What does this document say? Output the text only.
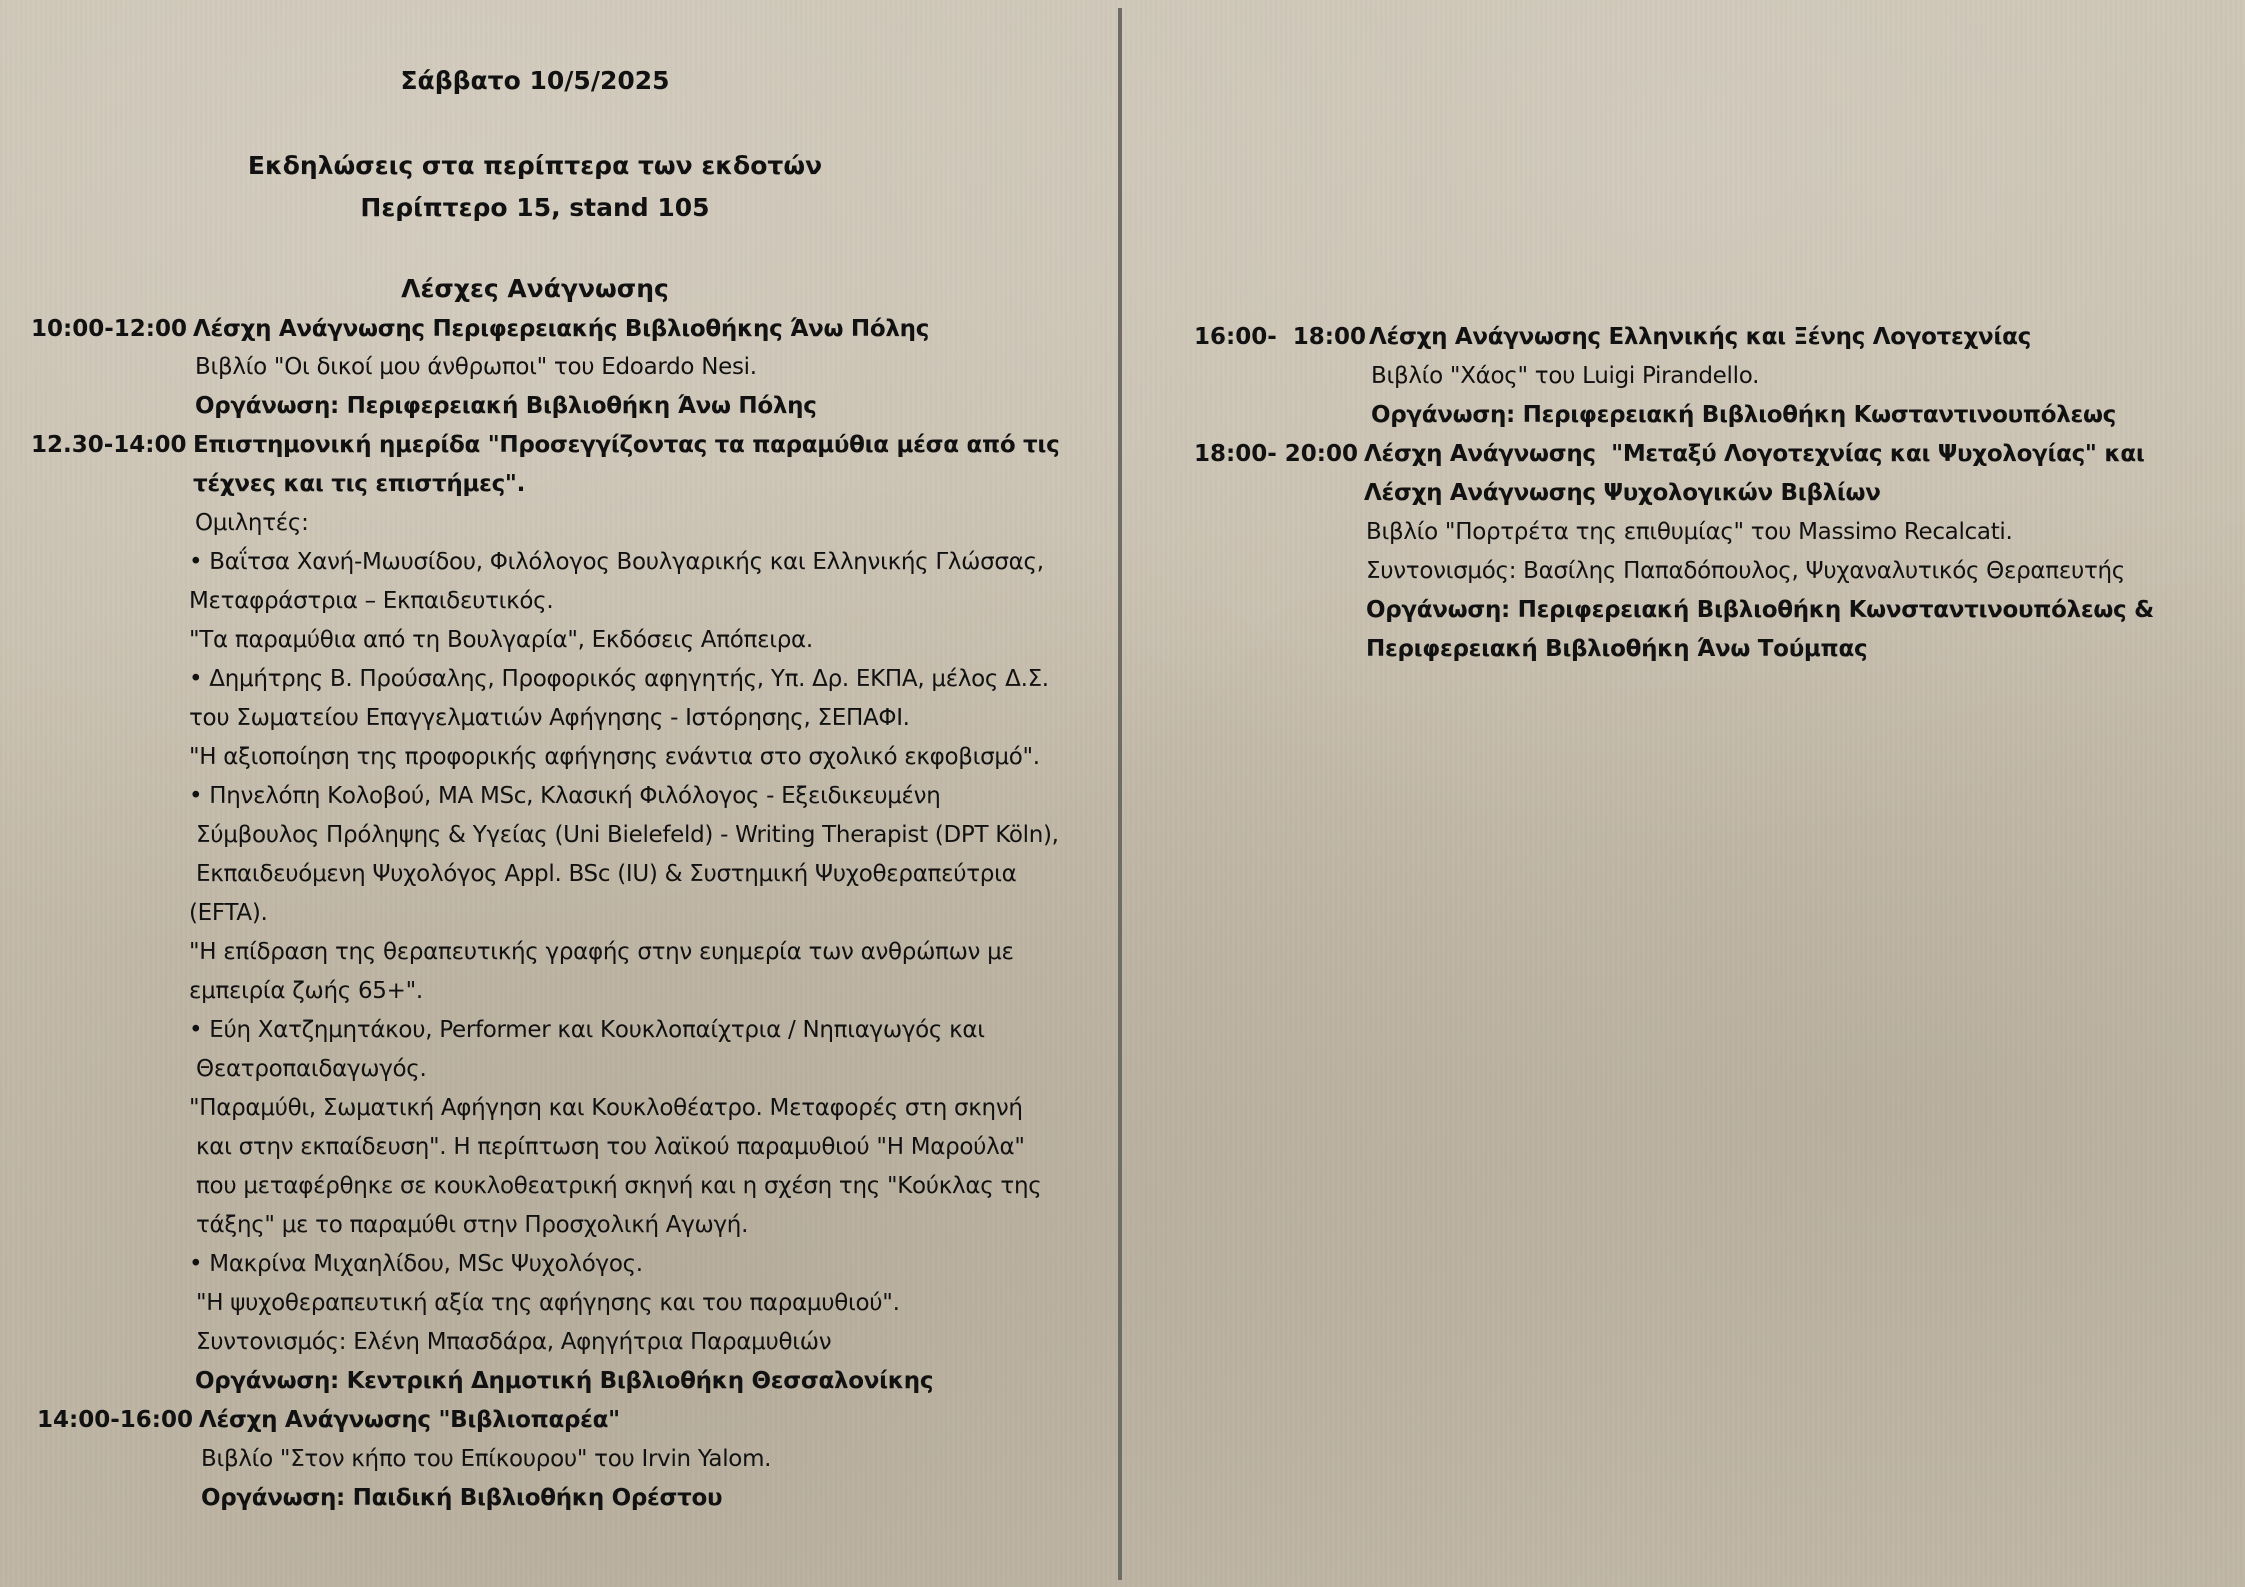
Σάββατο 10/5/2025
Εκδηλώσεις στα περίπτερα των εκδοτών
Περίπτερο 15, stand 105
Λέσχες Ανάγνωσης
10:00-12:00 Λέσχη Ανάγνωσης Περιφερειακής Βιβλιοθήκης Άνω Πόλης
Βιβλίο "Οι δικοί μου άνθρωποι" του Edoardo Nesi.
Οργάνωση: Περιφερειακή Βιβλιοθήκη Άνω Πόλης
12.30-14:00 Επιστημονική ημερίδα "Προσεγγίζοντας τα παραμύθια μέσα από τις
τέχνες και τις επιστήμες".
Ομιλητές:
• Βαΐτσα Χανή-Μωυσίδου, Φιλόλογος Βουλγαρικής και Ελληνικής Γλώσσας,
Μεταφράστρια – Εκπαιδευτικός.
"Τα παραμύθια από τη Βουλγαρία", Εκδόσεις Απόπειρα.
• Δημήτρης Β. Προύσαλης, Προφορικός αφηγητής, Υπ. Δρ. ΕΚΠΑ, μέλος Δ.Σ.
του Σωματείου Επαγγελματιών Αφήγησης - Ιστόρησης, ΣΕΠΑΦΙ.
"Η αξιοποίηση της προφορικής αφήγησης ενάντια στο σχολικό εκφοβισμό".
• Πηνελόπη Κολοβού, MA MSc, Κλασική Φιλόλογος - Εξειδικευμένη
Σύμβουλος Πρόληψης & Υγείας (Uni Bielefeld) - Writing Therapist (DPT Köln),
Εκπαιδευόμενη Ψυχολόγος Appl. BSc (IU) & Συστημική Ψυχοθεραπεύτρια
(EFTA).
"Η επίδραση της θεραπευτικής γραφής στην ευημερία των ανθρώπων με
εμπειρία ζωής 65+".
• Εύη Χατζημητάκου, Performer και Κουκλοπαίχτρια / Νηπιαγωγός και
Θεατροπαιδαγωγός.
"Παραμύθι, Σωματική Αφήγηση και Κουκλοθέατρο. Μεταφορές στη σκηνή
και στην εκπαίδευση". Η περίπτωση του λαϊκού παραμυθιού "Η Μαρούλα"
που μεταφέρθηκε σε κουκλοθεατρική σκηνή και η σχέση της "Κούκλας της
τάξης" με το παραμύθι στην Προσχολική Αγωγή.
• Μακρίνα Μιχαηλίδου, MSc Ψυχολόγος.
"Η ψυχοθεραπευτική αξία της αφήγησης και του παραμυθιού".
Συντονισμός: Ελένη Μπασδάρα, Αφηγήτρια Παραμυθιών
Οργάνωση: Κεντρική Δημοτική Βιβλιοθήκη Θεσσαλονίκης
14:00-16:00 Λέσχη Ανάγνωσης "Βιβλιοπαρέα"
Βιβλίο "Στον κήπο του Επίκουρου" του Irvin Yalom.
Οργάνωση: Παιδική Βιβλιοθήκη Ορέστου
16:00-  18:00 Λέσχη Ανάγνωσης Ελληνικής και Ξένης Λογοτεχνίας
Βιβλίο "Χάος" του Luigi Pirandello.
Οργάνωση: Περιφερειακή Βιβλιοθήκη Κωσταντινουπόλεως
18:00- 20:00 Λέσχη Ανάγνωσης  "Μεταξύ Λογοτεχνίας και Ψυχολογίας" και
Λέσχη Ανάγνωσης Ψυχολογικών Βιβλίων
Βιβλίο "Πορτρέτα της επιθυμίας" του Massimo Recalcati.
Συντονισμός: Βασίλης Παπαδόπουλος, Ψυχαναλυτικός Θεραπευτής
Οργάνωση: Περιφερειακή Βιβλιοθήκη Κωνσταντινουπόλεως &
Περιφερειακή Βιβλιοθήκη Άνω Τούμπας
